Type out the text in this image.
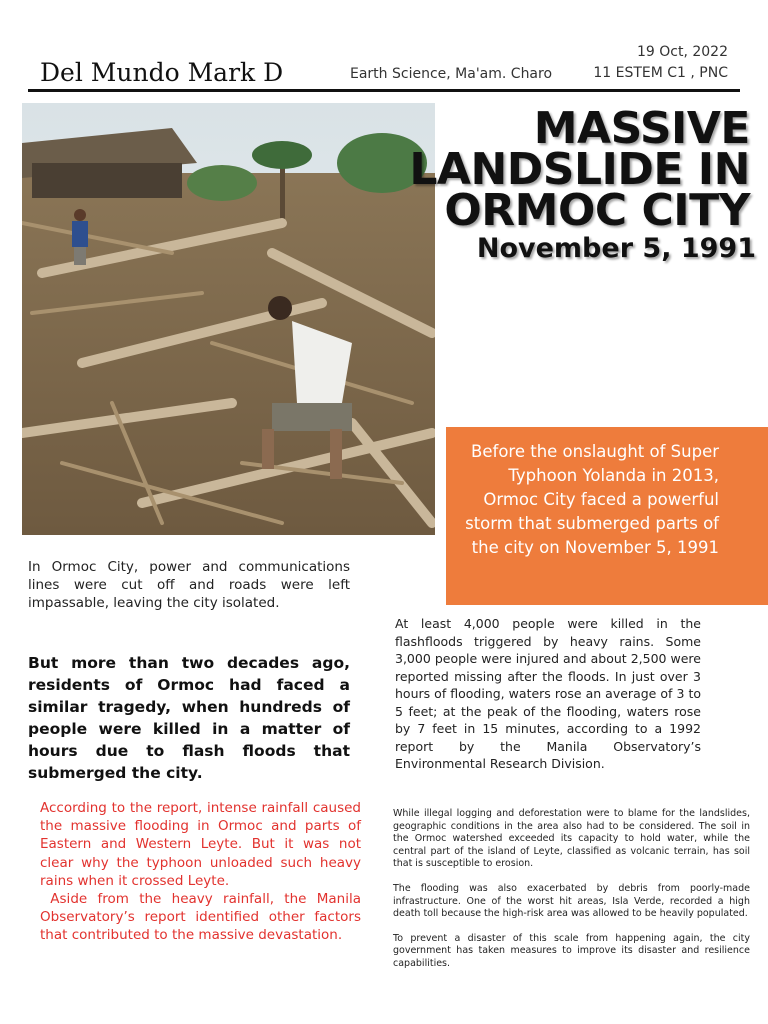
Del Mundo Mark D	Earth Science, Ma'am. Charo
19 Oct, 2022
11 ESTEM C1 , PNC
MASSIVE
LANDSLIDE IN
ORMOC CITY
November 5, 1991
Before the onslaught of Super Typhoon Yolanda in 2013, Ormoc City faced a powerful storm that submerged parts of the city on November 5, 1991
In Ormoc City, power and communications lines were cut off and roads were left impassable, leaving the city isolated.
But more than two decades ago, residents of Ormoc had faced a similar tragedy, when hundreds of people were killed in a matter of hours due to flash floods that submerged the city.

According to the report, intense rainfall caused the massive flooding in Ormoc and parts of Eastern and Western Leyte. But it was not clear why the typhoon unloaded such heavy rains when it crossed Leyte.

Aside from the heavy rainfall, the Manila Observatory’s report identified other factors that contributed to the massive devastation.

At least 4,000 people were killed in the flashfloods triggered by heavy rains. Some 3,000 people were injured and about 2,500 were reported missing after the floods. In just over 3 hours of flooding, waters rose an average of 3 to 5 feet; at the peak of the flooding, waters rose by 7 feet in 15 minutes, according to a 1992 report by the Manila Observatory’s Environmental Research Division.

While illegal logging and deforestation were to blame for the landslides, geographic conditions in the area also had to be considered. The soil in the Ormoc watershed exceeded its capacity to hold water, while the central part of the island of Leyte, classified as volcanic terrain, has soil that is susceptible to erosion.

The flooding was also exacerbated by debris from poorly-made infrastructure. One of the worst hit areas, Isla Verde, recorded a high death toll because the high-risk area was allowed to be heavily populated.

To prevent a disaster of this scale from happening again, the city government has taken measures to improve its disaster and resilience capabilities.
